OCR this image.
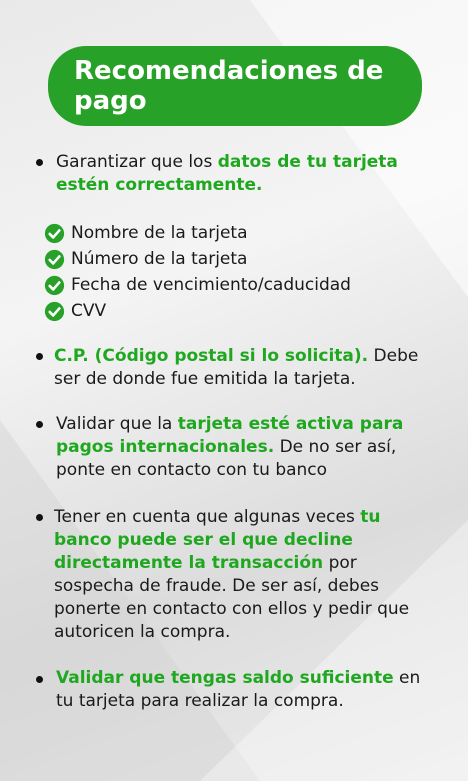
Recomendaciones de pago
Garantizar que los datos de tu tarjeta estén correctamente.
Nombre de la tarjeta
Número de la tarjeta
Fecha de vencimiento/caducidad
CVV
C.P. (Código postal si lo solicita). Debe ser de donde fue emitida la tarjeta.
Validar que la tarjeta esté activa para pagos internacionales. De no ser así, ponte en contacto con tu banco
Tener en cuenta que algunas veces tu banco puede ser el que decline directamente la transacción por sospecha de fraude. De ser así, debes ponerte en contacto con ellos y pedir que autoricen la compra.
Validar que tengas saldo suficiente en tu tarjeta para realizar la compra.
